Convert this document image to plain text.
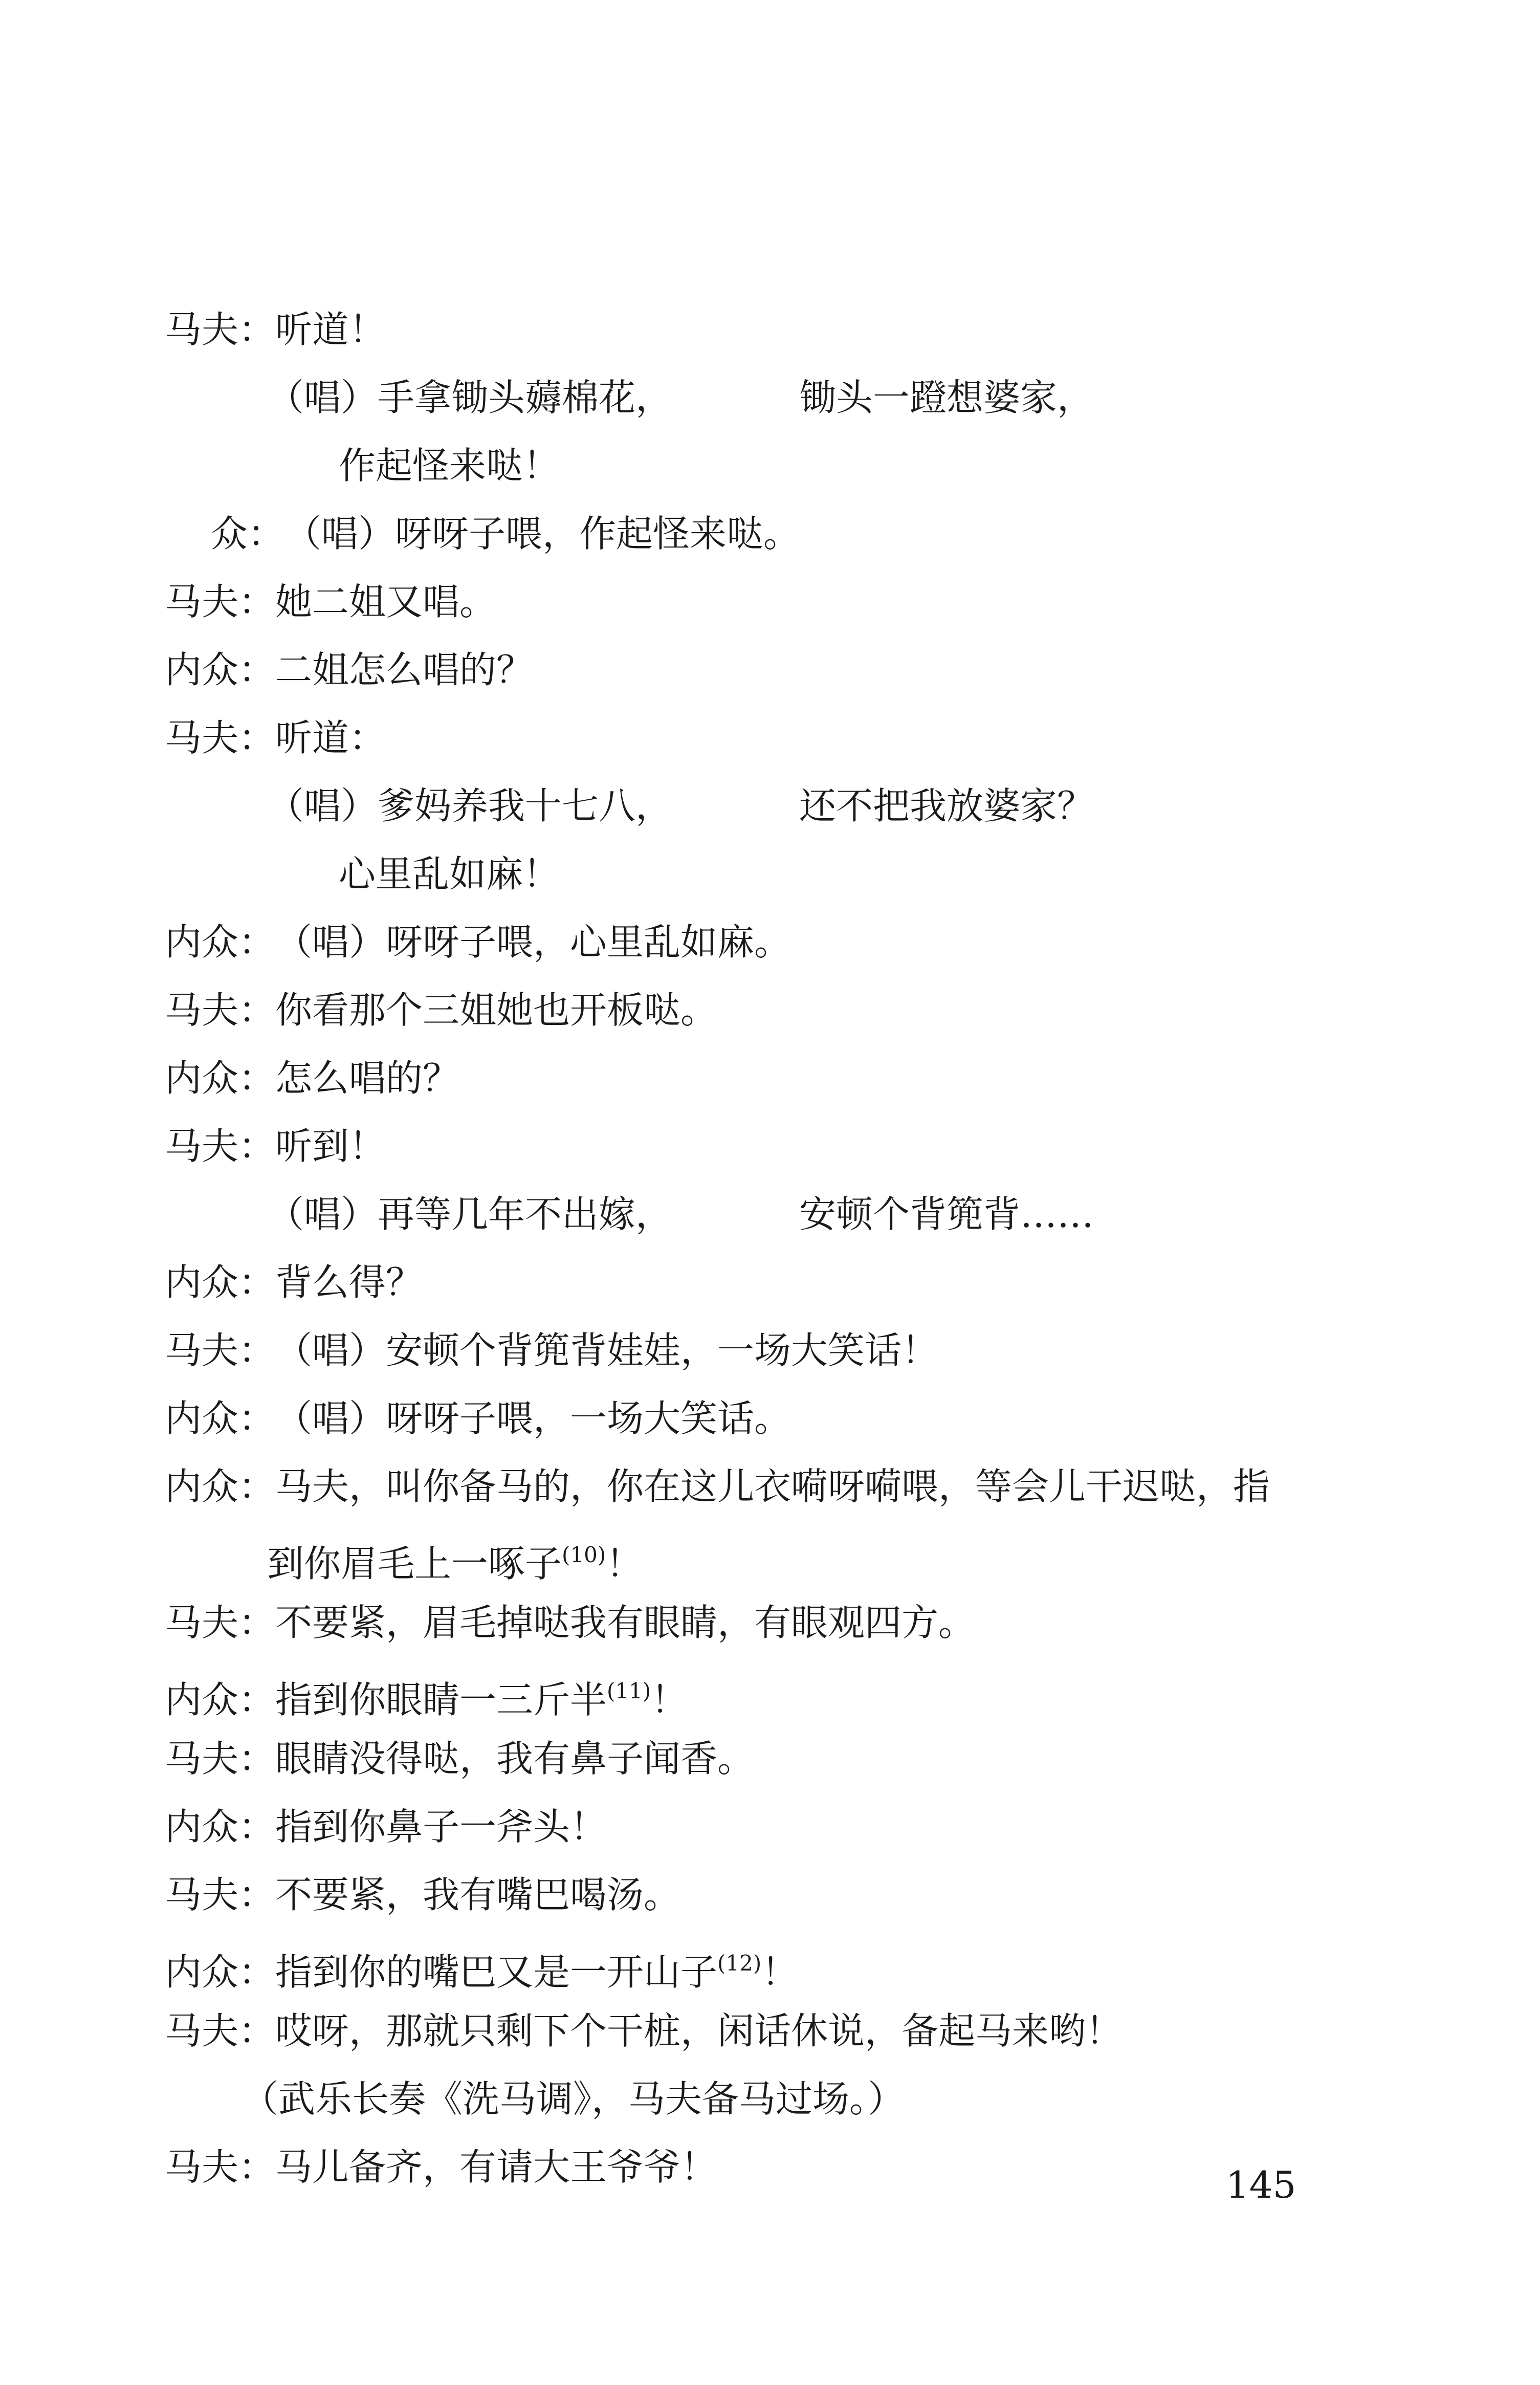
马夫：听道！
（唱）手拿锄头薅棉花，	锄头一蹬想婆家，
作起怪来哒！
众：（唱）呀呀子喂，作起怪来哒。
马夫：她二姐又唱。
内众：二姐怎么唱的？
马夫：听道：
（唱）爹妈养我十七八，	还不把我放婆家？
心里乱如麻！
内众：（唱）呀呀子喂，心里乱如麻。
马夫：你看那个三姐她也开板哒。
内众：怎么唱的？
马夫：听到！
（唱）再等几年不出嫁，	安顿个背篼背……
内众：背么得？
马夫：（唱）安顿个背篼背娃娃，一场大笑话！
内众：（唱）呀呀子喂，一场大笑话。
内众：马夫，叫你备马的，你在这儿衣嗬呀嗬喂，等会儿干迟哒，指
到你眉毛上一啄子$^{(10)}$！
马夫：不要紧，眉毛掉哒我有眼睛，有眼观四方。
内众：指到你眼睛一三斤半$^{(11)}$！
马夫：眼睛没得哒，我有鼻子闻香。
内众：指到你鼻子一斧头！
马夫：不要紧，我有嘴巴喝汤。
内众：指到你的嘴巴又是一开山子$^{(12)}$！
马夫：哎呀，那就只剩下个干桩，闲话休说，备起马来哟！
（武乐长奏《洗马调》，马夫备马过场。）
马夫：马儿备齐，有请大王爷爷！	145
